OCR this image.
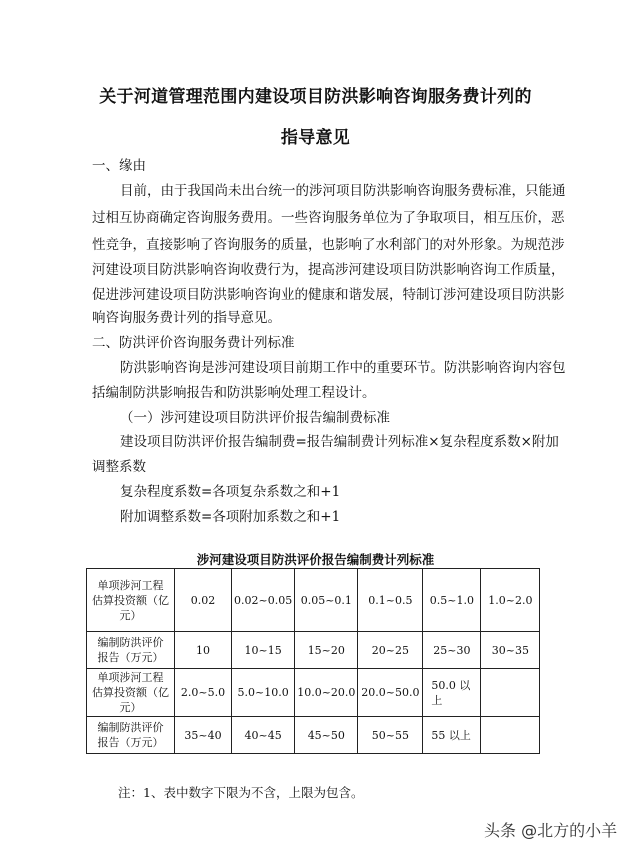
关于河道管理范围内建设项目防洪影响咨询服务费计列的
指导意见
一、缘由
目前，由于我国尚未出台统一的涉河项目防洪影响咨询服务费标准，只能通
过相互协商确定咨询服务费用。一些咨询服务单位为了争取项目，相互压价，恶
性竞争，直接影响了咨询服务的质量，也影响了水利部门的对外形象。为规范涉
河建设项目防洪影响咨询收费行为，提高涉河建设项目防洪影响咨询工作质量，
促进涉河建设项目防洪影响咨询业的健康和谐发展，特制订涉河建设项目防洪影
响咨询服务费计列的指导意见。
二、防洪评价咨询服务费计列标准
防洪影响咨询是涉河建设项目前期工作中的重要环节。防洪影响咨询内容包
括编制防洪影响报告和防洪影响处理工程设计。
（一）涉河建设项目防洪评价报告编制费标准
建设项目防洪评价报告编制费=报告编制费计列标准×复杂程度系数×附加
调整系数
复杂程度系数=各项复杂系数之和+1
附加调整系数=各项附加系数之和+1
涉河建设项目防洪评价报告编制费计列标准
单项涉河工程
估算投资额（亿
元）	0.02	0.02~0.05	0.05~0.1	0.1~0.5	0.5~1.0	1.0~2.0

编制防洪评价
报告（万元）	10	10~15	15~20	20~25	25~30	30~35

单项涉河工程
估算投资额（亿
元）	2.0~5.0	5.0~10.0	10.0~20.0	20.0~50.0	50.0 以上	

编制防洪评价
报告（万元）	35~40	40~45	45~50	50~55	55 以上	
注：1、表中数字下限为不含，上限为包含。
头条 @北方的小羊
